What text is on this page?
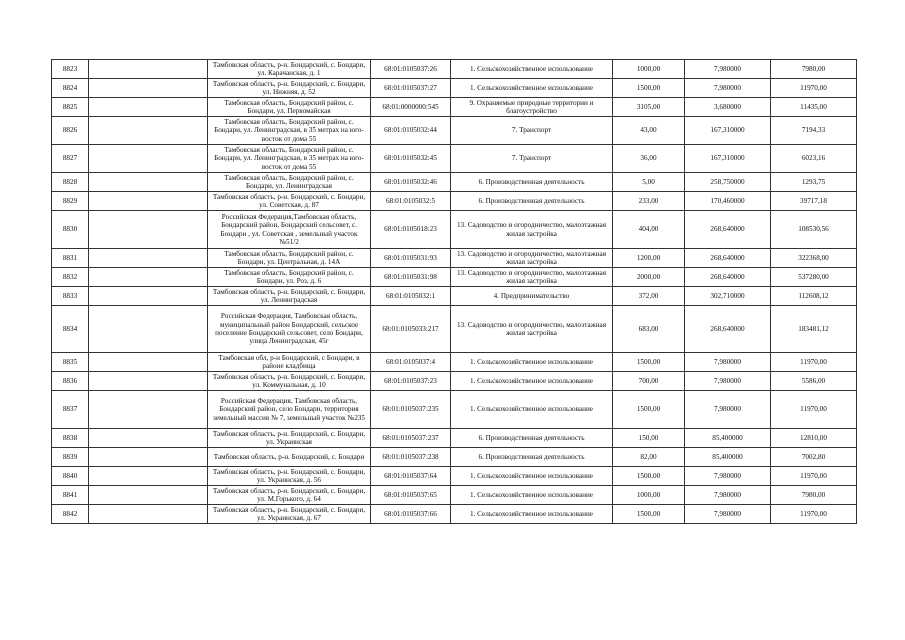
8823		Тамбовская область, р-н. Бондарский, с. Бондари, ул. Карачанская, д. 1	68:01:0105037:26	1. Сельскохозяйственное использование	1000,00	7,980000	7980,00
8824		Тамбовская область, р-н. Бондарский, с. Бондари, ул. Нижняя, д. 52	68:01:0105037:27	1. Сельскохозяйственное использование	1500,00	7,980000	11970,00
8825		Тамбовская область, Бондарский район, с. Бондари, ул. Первомайская	68:01:0000000:545	9. Охраняемые природные территории и благоустройство	3105,00	3,680000	11435,00
8826		Тамбовская область, Бондарский район, с. Бондари, ул. Ленинградская, в 35 метрах на юго-восток от дома 55	68:01:0105032:44	7. Транспорт	43,00	167,310000	7194,33
8827		Тамбовская область, Бондарский район, с. Бондари, ул. Ленинградская, в 35 метрах на юго-восток от дома 55	68:01:0105032:45	7. Транспорт	36,00	167,310000	6023,16
8828		Тамбовская область, Бондарский район, с. Бондари, ул. Ленинградская	68:01:0105032:46	6. Производственная деятельность	5,00	258,750000	1293,75
8829		Тамбовская область, р-н. Бондарский, с. Бондари, ул. Советская, д. 87	68:01:0105032:5	6. Производственная деятельность	233,00	170,460000	39717,18
8830		Российская Федерация,Тамбовская область, Бондарский район, Бондарский сельсовет, с. Бондари , ул. Советская , земельный участок №51/2	68:01:0105018:23	13. Садоводство и огородничество, малоэтажная жилая застройка	404,00	268,640000	108530,56
8831		Тамбовская область, Бондарский район, с. Бондари, ул. Центральная, д. 14А	68:01:0105031:93	13. Садоводство и огородничество, малоэтажная жилая застройка	1200,00	268,640000	322368,00
8832		Тамбовская область, Бондарский район, с. Бондари, ул. Роз, д. 6	68:01:0105031:98	13. Садоводство и огородничество, малоэтажная жилая застройка	2000,00	268,640000	537280,00
8833		Тамбовская область, р-н. Бондарский, с. Бондари, ул. Ленинградская	68:01:0105032:1	4. Предпринимательство	372,00	302,710000	112608,12
8834		Российская Федерация, Тамбовская область, муниципальный район Бондарский, сельское поселение Бондарский сельсовет, село Бондари, улица Ленинградская, 45г	68:01:0105033:217	13. Садоводство и огородничество, малоэтажная жилая застройка	683,00	268,640000	183481,12
8835		Тамбовская обл, р-н Бондарский, с Бондари, в районе кладбища	68:01:0105037:4	1. Сельскохозяйственное использование	1500,00	7,980000	11970,00
8836		Тамбовская область, р-н. Бондарский, с. Бондари, ул. Коммунальная, д. 10	68:01:0105037:23	1. Сельскохозяйственное использование	700,00	7,980000	5586,00
8837		Российская Федерация, Тамбовская область, Бондарский район, село Бондари, территория земельный массив № 7, земельный участок №235	68:01:0105037:235	1. Сельскохозяйственное использование	1500,00	7,980000	11970,00
8838		Тамбовская область, р-н. Бондарский, с. Бондари, ул. Украинская	68:01:0105037:237	6. Производственная деятельность	150,00	85,400000	12810,00
8839		Тамбовская область, р-н. Бондарский, с. Бондари	68:01:0105037:238	6. Производственная деятельность	82,00	85,400000	7002,80
8840		Тамбовская область, р-н. Бондарский, с. Бондари, ул. Украинская, д. 56	68:01:0105037:64	1. Сельскохозяйственное использование	1500,00	7,980000	11970,00
8841		Тамбовская область, р-н. Бондарский, с. Бондари, ул. М.Горького, д. 64	68:01:0105037:65	1. Сельскохозяйственное использование	1000,00	7,980000	7980,00
8842		Тамбовская область, р-н. Бондарский, с. Бондари, ул. Украинская, д. 67	68:01:0105037:66	1. Сельскохозяйственное использование	1500,00	7,980000	11970,00
